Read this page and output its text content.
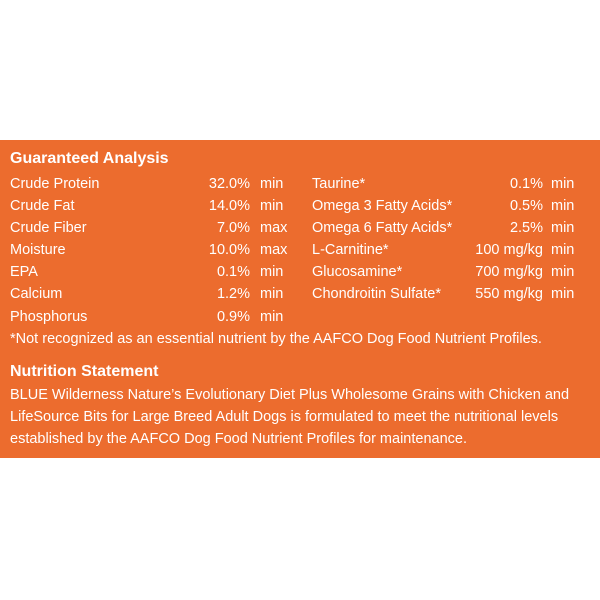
Guaranteed Analysis
Crude Protein	32.0% min
Crude Fat	14.0% min
Crude Fiber	7.0% max
Moisture	10.0% max
EPA	0.1% min
Calcium	1.2% min
Phosphorus	0.9% min
Taurine*	0.1% min
Omega 3 Fatty Acids*	0.5% min
Omega 6 Fatty Acids*	2.5% min
L-Carnitine*	100 mg/kg min
Glucosamine*	700 mg/kg min
Chondroitin Sulfate*	550 mg/kg min
*Not recognized as an essential nutrient by the AAFCO Dog Food Nutrient Profiles.
Nutrition Statement
BLUE Wilderness Nature’s Evolutionary Diet Plus Wholesome Grains with Chicken and LifeSource Bits for Large Breed Adult Dogs is formulated to meet the nutritional levels established by the AAFCO Dog Food Nutrient Profiles for maintenance.
